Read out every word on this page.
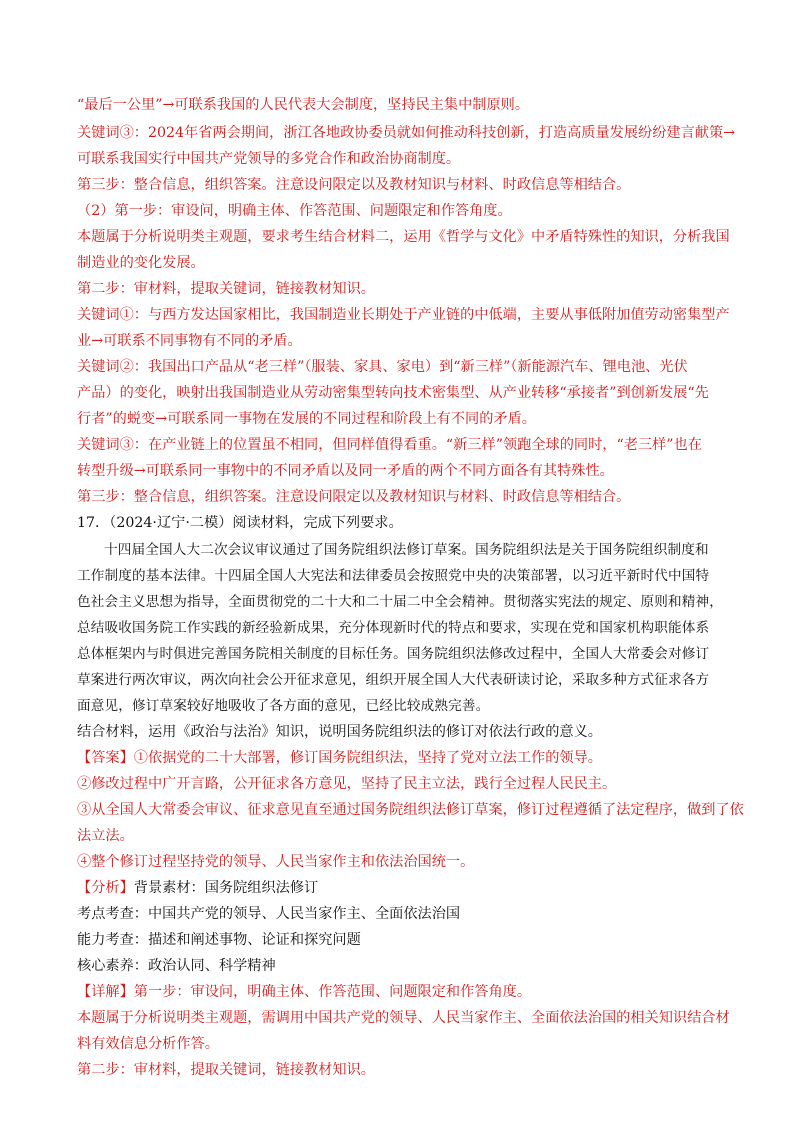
“最后一公里”→可联系我国的人民代表大会制度，坚持民主集中制原则。
关键词③：2024年省两会期间，浙江各地政协委员就如何推动科技创新，打造高质量发展纷纷建言献策→
可联系我国实行中国共产党领导的多党合作和政治协商制度。
第三步：整合信息，组织答案。注意设问限定以及教材知识与材料、时政信息等相结合。
（2）第一步：审设问，明确主体、作答范围、问题限定和作答角度。
本题属于分析说明类主观题，要求考生结合材料二，运用《哲学与文化》中矛盾特殊性的知识，分析我国
制造业的变化发展。
第二步：审材料，提取关键词，链接教材知识。
关键词①：与西方发达国家相比，我国制造业长期处于产业链的中低端，主要从事低附加值劳动密集型产
业→可联系不同事物有不同的矛盾。
关键词②：我国出口产品从“老三样”（服装、家具、家电）到“新三样”（新能源汽车、锂电池、光伏
产品）的变化，映射出我国制造业从劳动密集型转向技术密集型、从产业转移“承接者”到创新发展“先
行者”的蜕变→可联系同一事物在发展的不同过程和阶段上有不同的矛盾。
关键词③：在产业链上的位置虽不相同，但同样值得看重。“新三样”领跑全球的同时，“老三样”也在
转型升级→可联系同一事物中的不同矛盾以及同一矛盾的两个不同方面各有其特殊性。
第三步：整合信息，组织答案。注意设问限定以及教材知识与材料、时政信息等相结合。
17．（2024·辽宁·二模）阅读材料，完成下列要求。
十四届全国人大二次会议审议通过了国务院组织法修订草案。国务院组织法是关于国务院组织制度和
工作制度的基本法律。十四届全国人大宪法和法律委员会按照党中央的决策部署，以习近平新时代中国特
色社会主义思想为指导，全面贯彻党的二十大和二十届二中全会精神。贯彻落实宪法的规定、原则和精神，
总结吸收国务院工作实践的新经验新成果，充分体现新时代的特点和要求，实现在党和国家机构职能体系
总体框架内与时俱进完善国务院相关制度的目标任务。国务院组织法修改过程中，全国人大常委会对修订
草案进行两次审议，两次向社会公开征求意见，组织开展全国人大代表研读讨论，采取多种方式征求各方
面意见，修订草案较好地吸收了各方面的意见，已经比较成熟完善。
结合材料，运用《政治与法治》知识，说明国务院组织法的修订对依法行政的意义。
【答案】①依据党的二十大部署，修订国务院组织法，坚持了党对立法工作的领导。
②修改过程中广开言路，公开征求各方意见，坚持了民主立法，践行全过程人民民主。
③从全国人大常委会审议、征求意见直至通过国务院组织法修订草案，修订过程遵循了法定程序，做到了依
法立法。
④整个修订过程坚持党的领导、人民当家作主和依法治国统一。
【分析】背景素材：国务院组织法修订
考点考查：中国共产党的领导、人民当家作主、全面依法治国
能力考查：描述和阐述事物、论证和探究问题
核心素养：政治认同、科学精神
【详解】第一步：审设问，明确主体、作答范围、问题限定和作答角度。
本题属于分析说明类主观题，需调用中国共产党的领导、人民当家作主、全面依法治国的相关知识结合材
料有效信息分析作答。
第二步：审材料，提取关键词，链接教材知识。
